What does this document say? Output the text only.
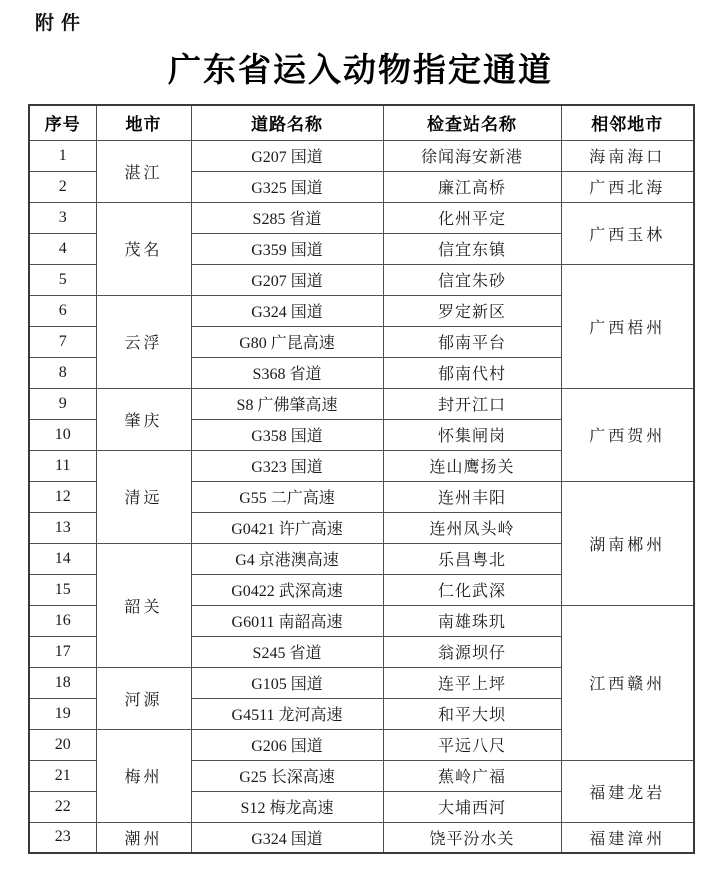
附件
广东省运入动物指定通道
序号	地市	道路名称	检查站名称	相邻地市
1	湛江	G207 国道	徐闻海安新港	海南海口
2		G325 国道	廉江高桥	广西北海
3	茂名	S285 省道	化州平定	广西玉林
4		G359 国道	信宜东镇	
5		G207 国道	信宜朱砂	广西梧州
6	云浮	G324 国道	罗定新区	
7		G80 广昆高速	郁南平台	
8		S368 省道	郁南代村	
9	肇庆	S8 广佛肇高速	封开江口	广西贺州
10		G358 国道	怀集闸岗	
11	清远	G323 国道	连山鹰扬关	
12		G55 二广高速	连州丰阳	湖南郴州
13		G0421 许广高速	连州凤头岭	
14	韶关	G4 京港澳高速	乐昌粤北	
15		G0422 武深高速	仁化武深	
16		G6011 南韶高速	南雄珠玑	江西赣州
17		S245 省道	翁源坝仔	
18	河源	G105 国道	连平上坪	
19		G4511 龙河高速	和平大坝	
20	梅州	G206 国道	平远八尺	
21		G25 长深高速	蕉岭广福	福建龙岩
22		S12 梅龙高速	大埔西河	
23	潮州	G324 国道	饶平汾水关	福建漳州
